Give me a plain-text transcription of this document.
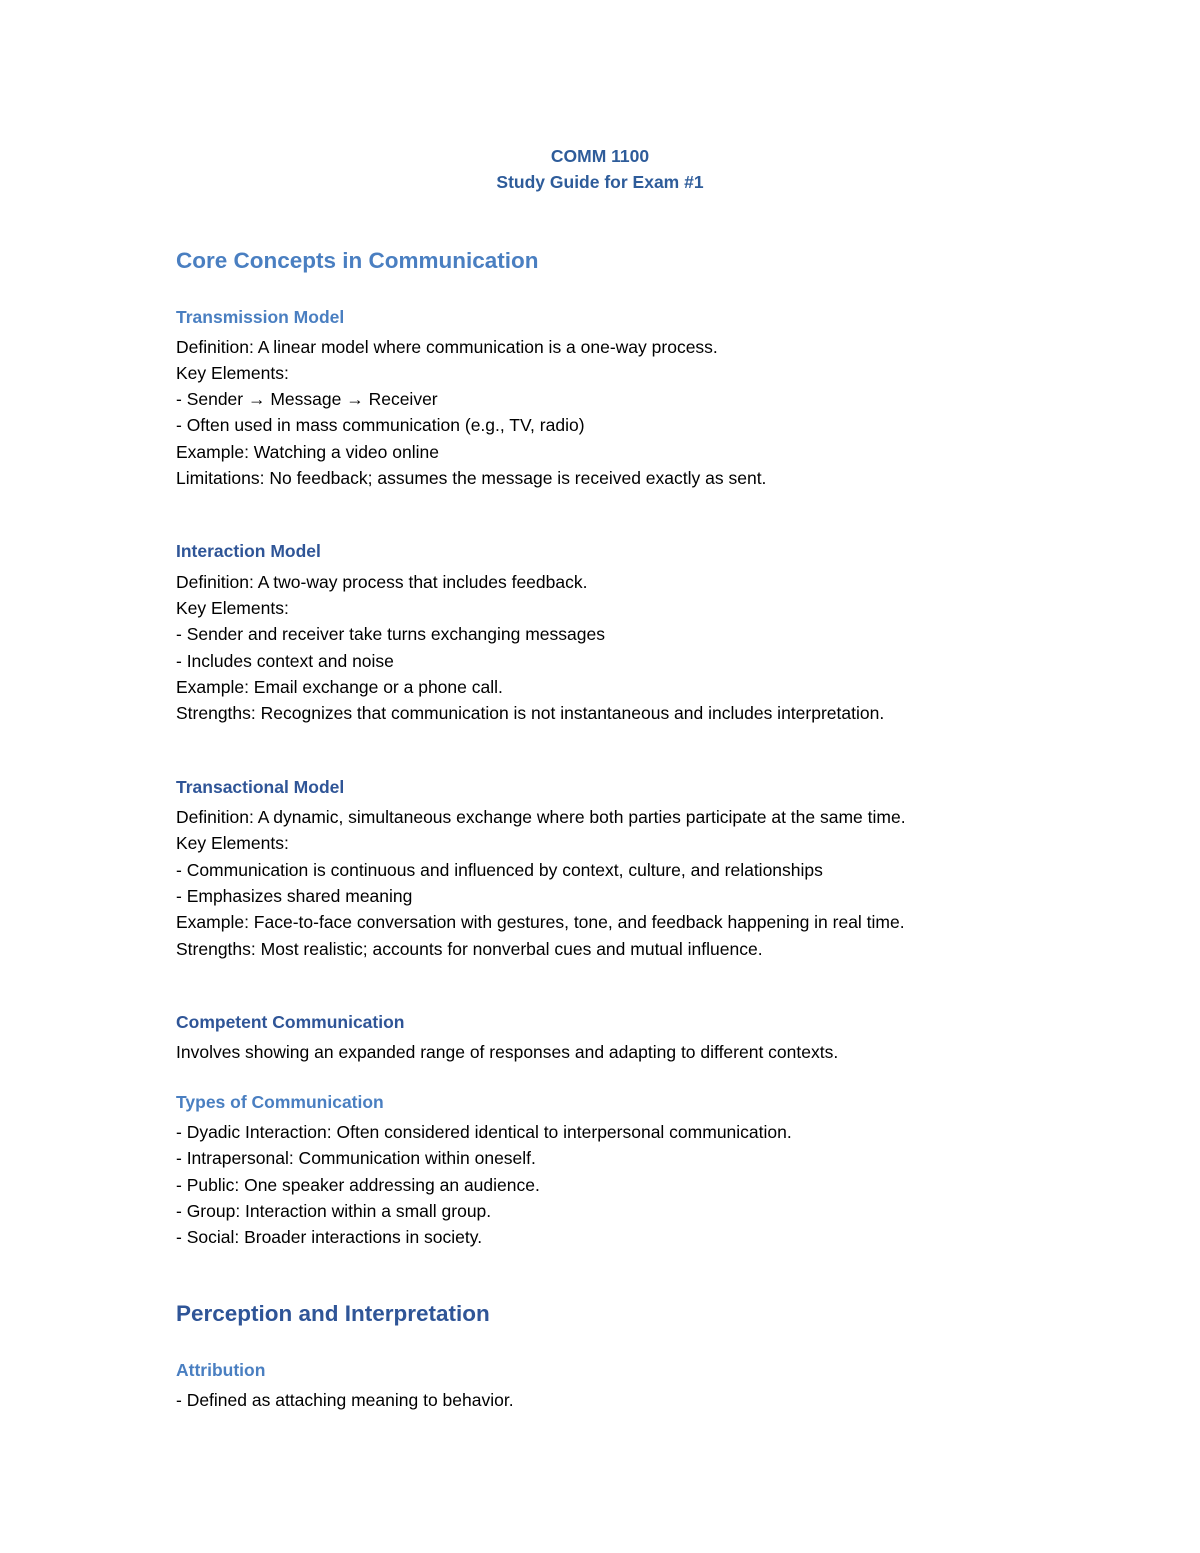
COMM 1100
Study Guide for Exam #1
Core Concepts in Communication
Transmission Model
Definition: A linear model where communication is a one-way process.
Key Elements:
- Sender → Message → Receiver
- Often used in mass communication (e.g., TV, radio)
Example: Watching a video online
Limitations: No feedback; assumes the message is received exactly as sent.
Interaction Model
Definition: A two-way process that includes feedback.
Key Elements:
- Sender and receiver take turns exchanging messages
- Includes context and noise
Example: Email exchange or a phone call.
Strengths: Recognizes that communication is not instantaneous and includes interpretation.
Transactional Model
Definition: A dynamic, simultaneous exchange where both parties participate at the same time.
Key Elements:
- Communication is continuous and influenced by context, culture, and relationships
- Emphasizes shared meaning
Example: Face-to-face conversation with gestures, tone, and feedback happening in real time.
Strengths: Most realistic; accounts for nonverbal cues and mutual influence.
Competent Communication
Involves showing an expanded range of responses and adapting to different contexts.
Types of Communication
- Dyadic Interaction: Often considered identical to interpersonal communication.
- Intrapersonal: Communication within oneself.
- Public: One speaker addressing an audience.
- Group: Interaction within a small group.
- Social: Broader interactions in society.
Perception and Interpretation
Attribution
- Defined as attaching meaning to behavior.
